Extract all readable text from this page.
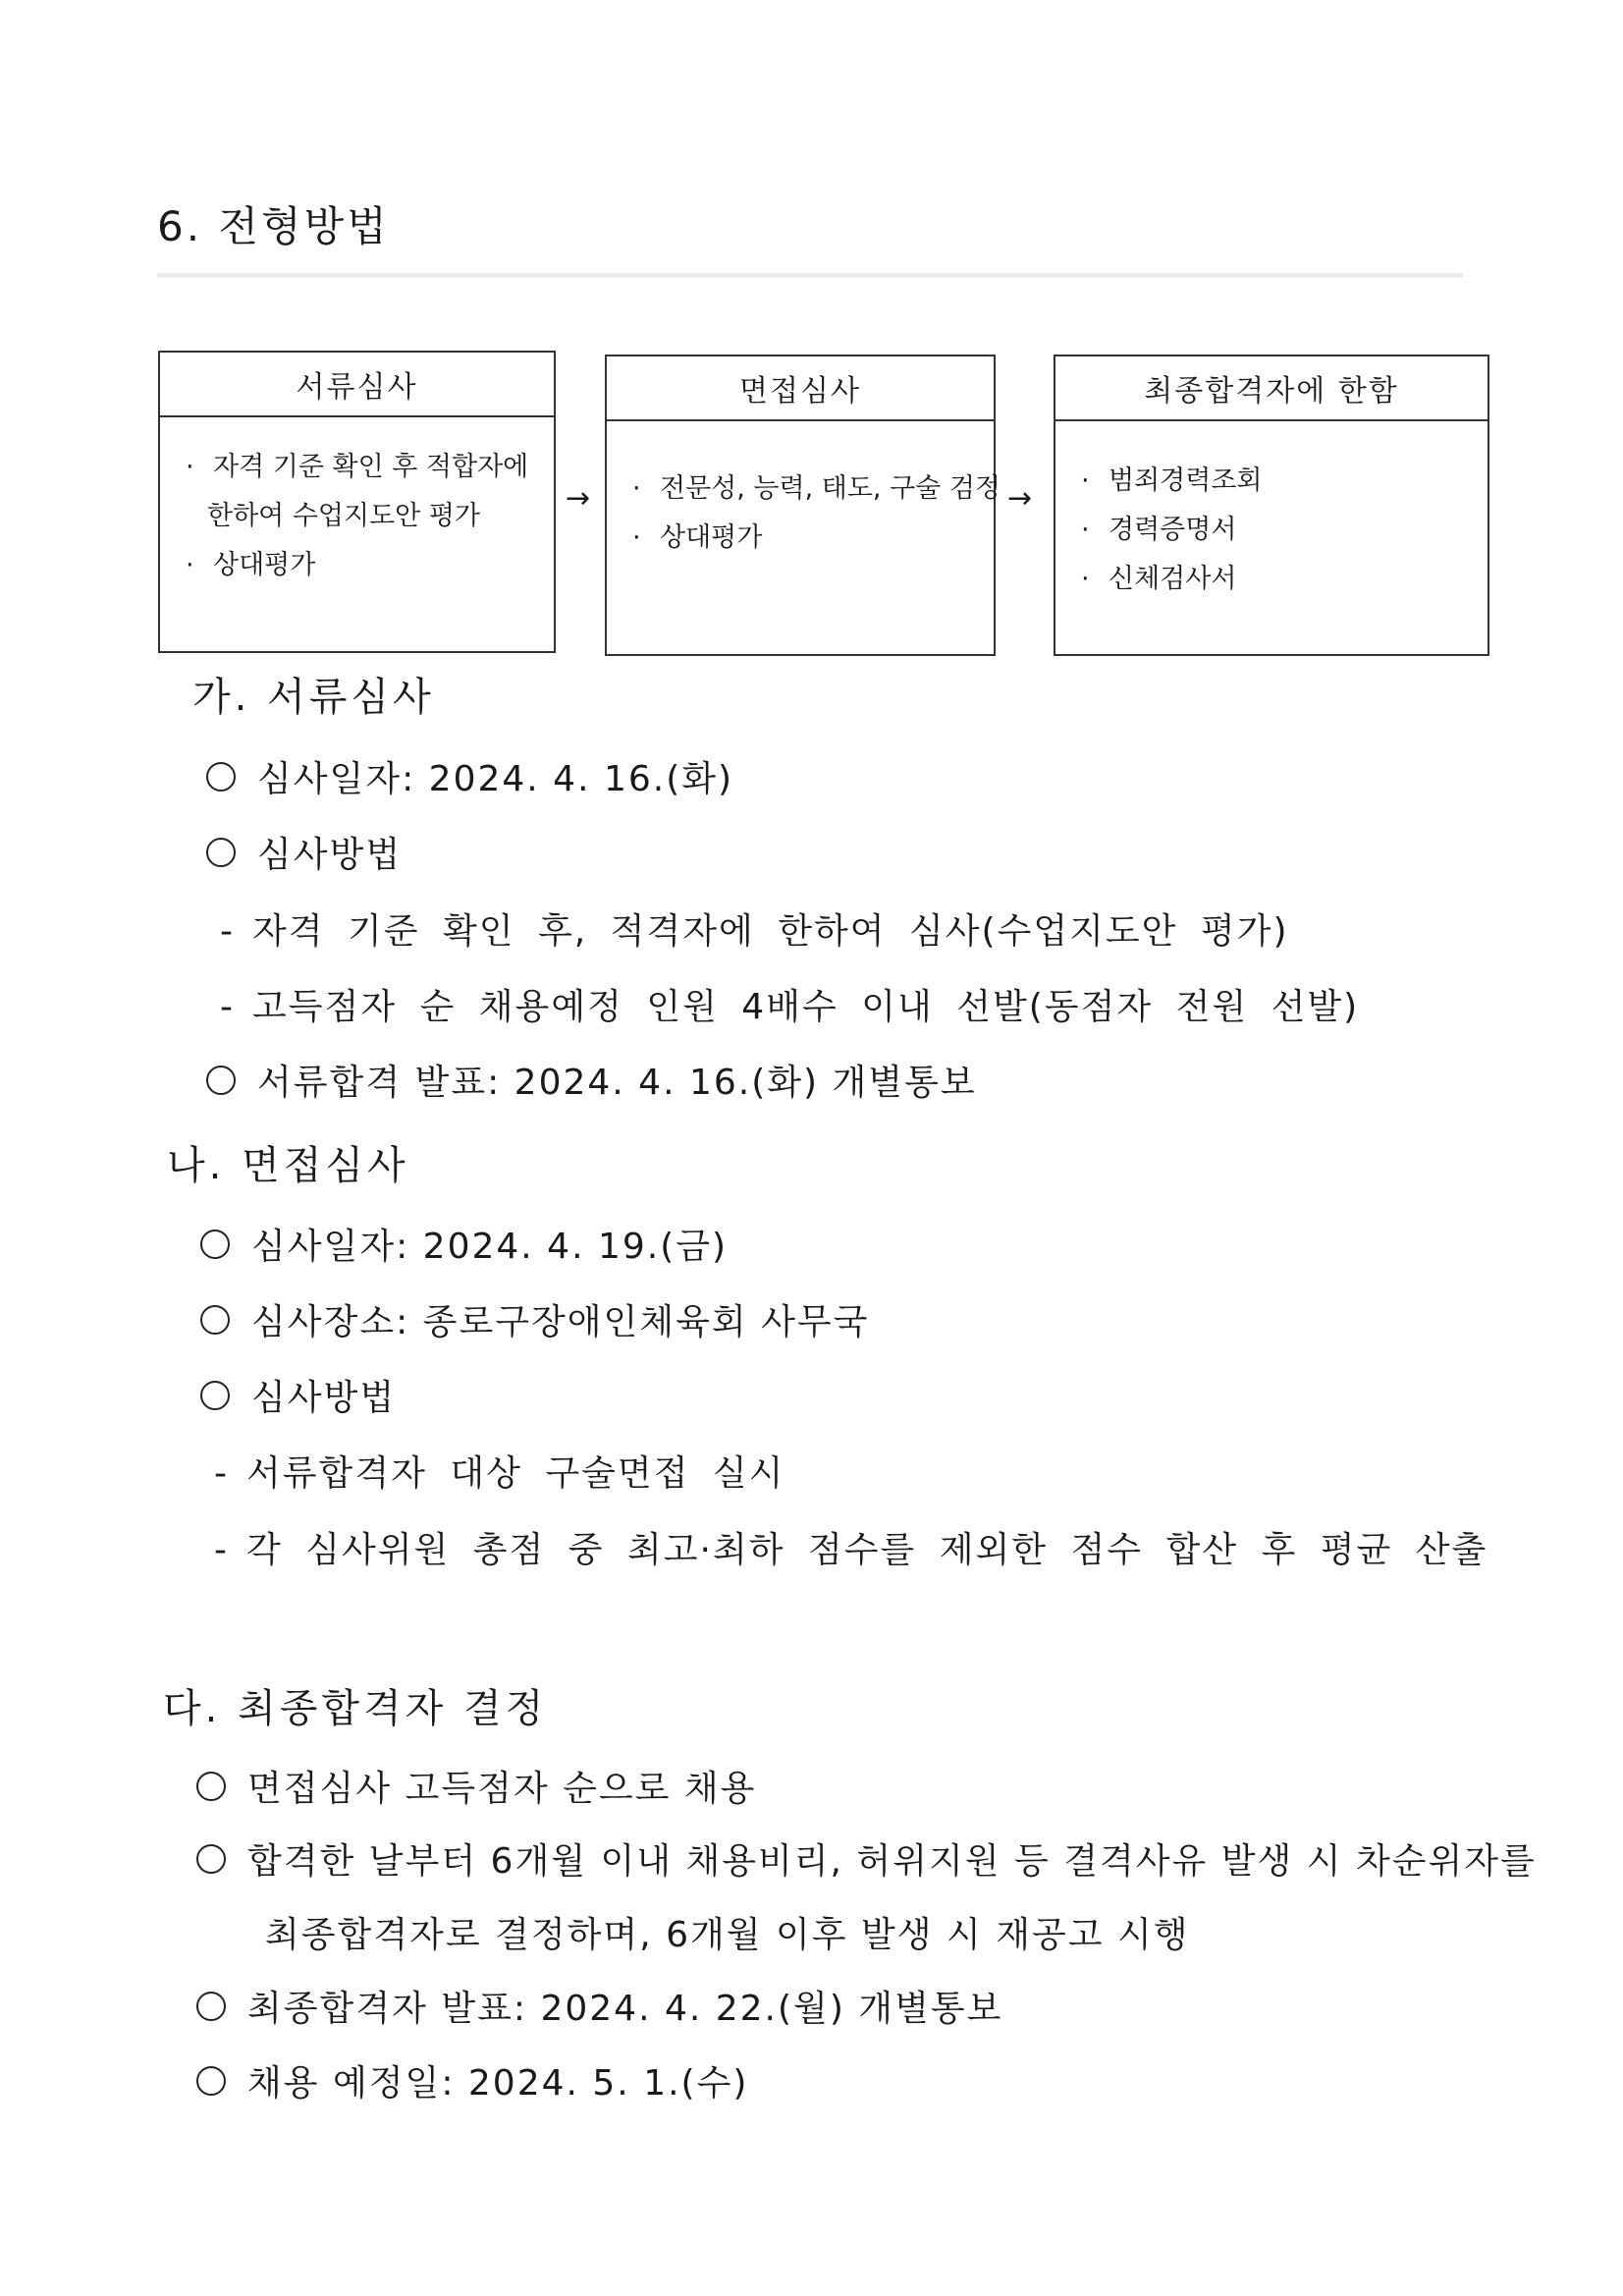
6. 전형방법
서류심사
· 자격 기준 확인 후 적합자에
한하여 수업지도안 평가
· 상대평가
→
면접심사
· 전문성, 능력, 태도, 구술 검정
· 상대평가
→
최종합격자에 한함
· 범죄경력조회
· 경력증명서
· 신체검사서
가. 서류심사
심사일자: 2024. 4. 16.(화)
심사방법
- 자격 기준 확인 후, 적격자에 한하여 심사(수업지도안 평가)
- 고득점자 순 채용예정 인원 4배수 이내 선발(동점자 전원 선발)
서류합격 발표: 2024. 4. 16.(화) 개별통보
나. 면접심사
심사일자: 2024. 4. 19.(금)
심사장소: 종로구장애인체육회 사무국
심사방법
- 서류합격자 대상 구술면접 실시
- 각 심사위원 총점 중 최고·최하 점수를 제외한 점수 합산 후 평균 산출
다. 최종합격자 결정
면접심사 고득점자 순으로 채용
합격한 날부터 6개월 이내 채용비리, 허위지원 등 결격사유 발생 시 차순위자를
최종합격자로 결정하며, 6개월 이후 발생 시 재공고 시행
최종합격자 발표: 2024. 4. 22.(월) 개별통보
채용 예정일: 2024. 5. 1.(수)
